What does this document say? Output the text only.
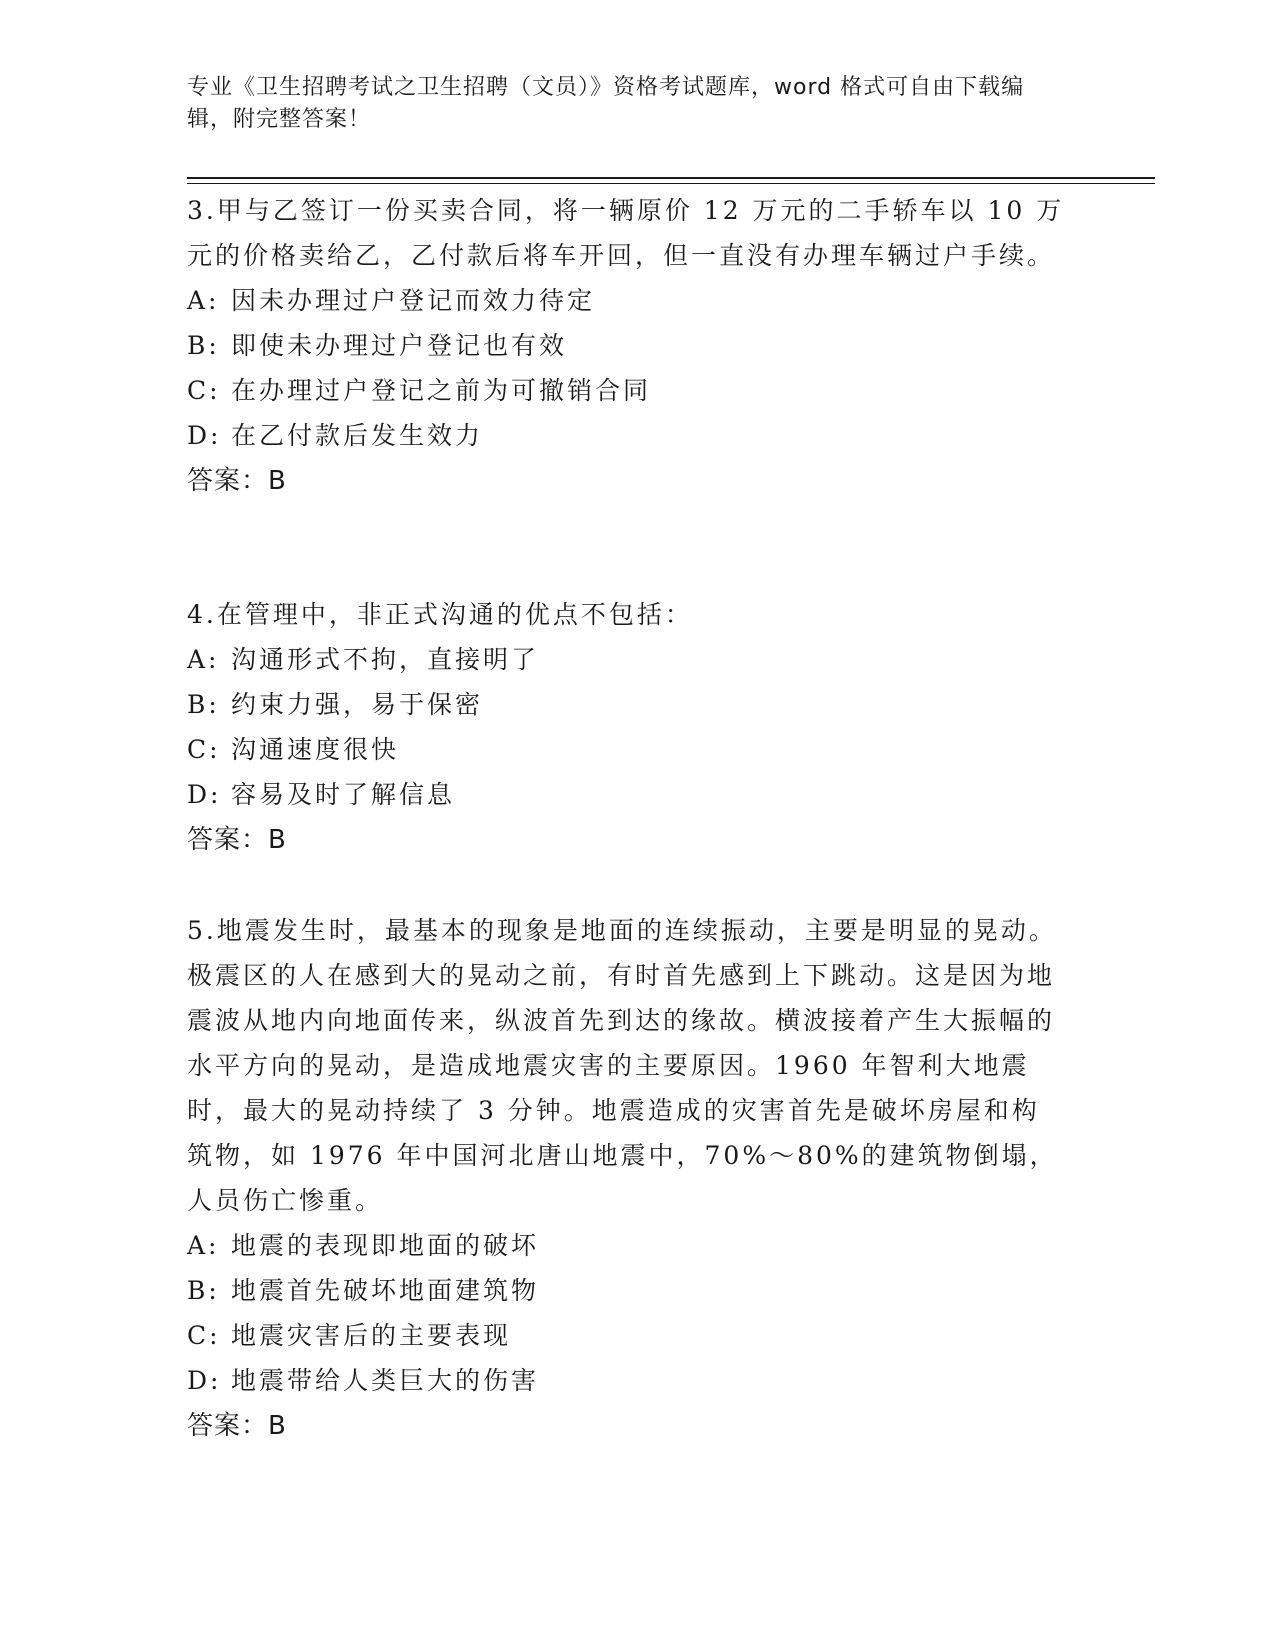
专业《卫生招聘考试之卫生招聘（文员）》资格考试题库，word 格式可自由下载编辑，附完整答案！

3.甲与乙签订一份买卖合同，将一辆原价 12 万元的二手轿车以 10 万元的价格卖给乙，乙付款后将车开回，但一直没有办理车辆过户手续。

A: 因未办理过户登记而效力待定
B: 即使未办理过户登记也有效
C: 在办理过户登记之前为可撤销合同
D: 在乙付款后发生效力
答案：B

4.在管理中，非正式沟通的优点不包括：

A: 沟通形式不拘，直接明了
B: 约束力强，易于保密
C: 沟通速度很快
D: 容易及时了解信息
答案：B

5.地震发生时，最基本的现象是地面的连续振动，主要是明显的晃动。极震区的人在感到大的晃动之前，有时首先感到上下跳动。这是因为地震波从地内向地面传来，纵波首先到达的缘故。横波接着产生大振幅的水平方向的晃动，是造成地震灾害的主要原因。1960 年智利大地震时，最大的晃动持续了 3 分钟。地震造成的灾害首先是破坏房屋和构筑物，如 1976 年中国河北唐山地震中，70%～80%的建筑物倒塌，人员伤亡惨重。

A: 地震的表现即地面的破坏
B: 地震首先破坏地面建筑物
C: 地震灾害后的主要表现
D: 地震带给人类巨大的伤害
答案：B
